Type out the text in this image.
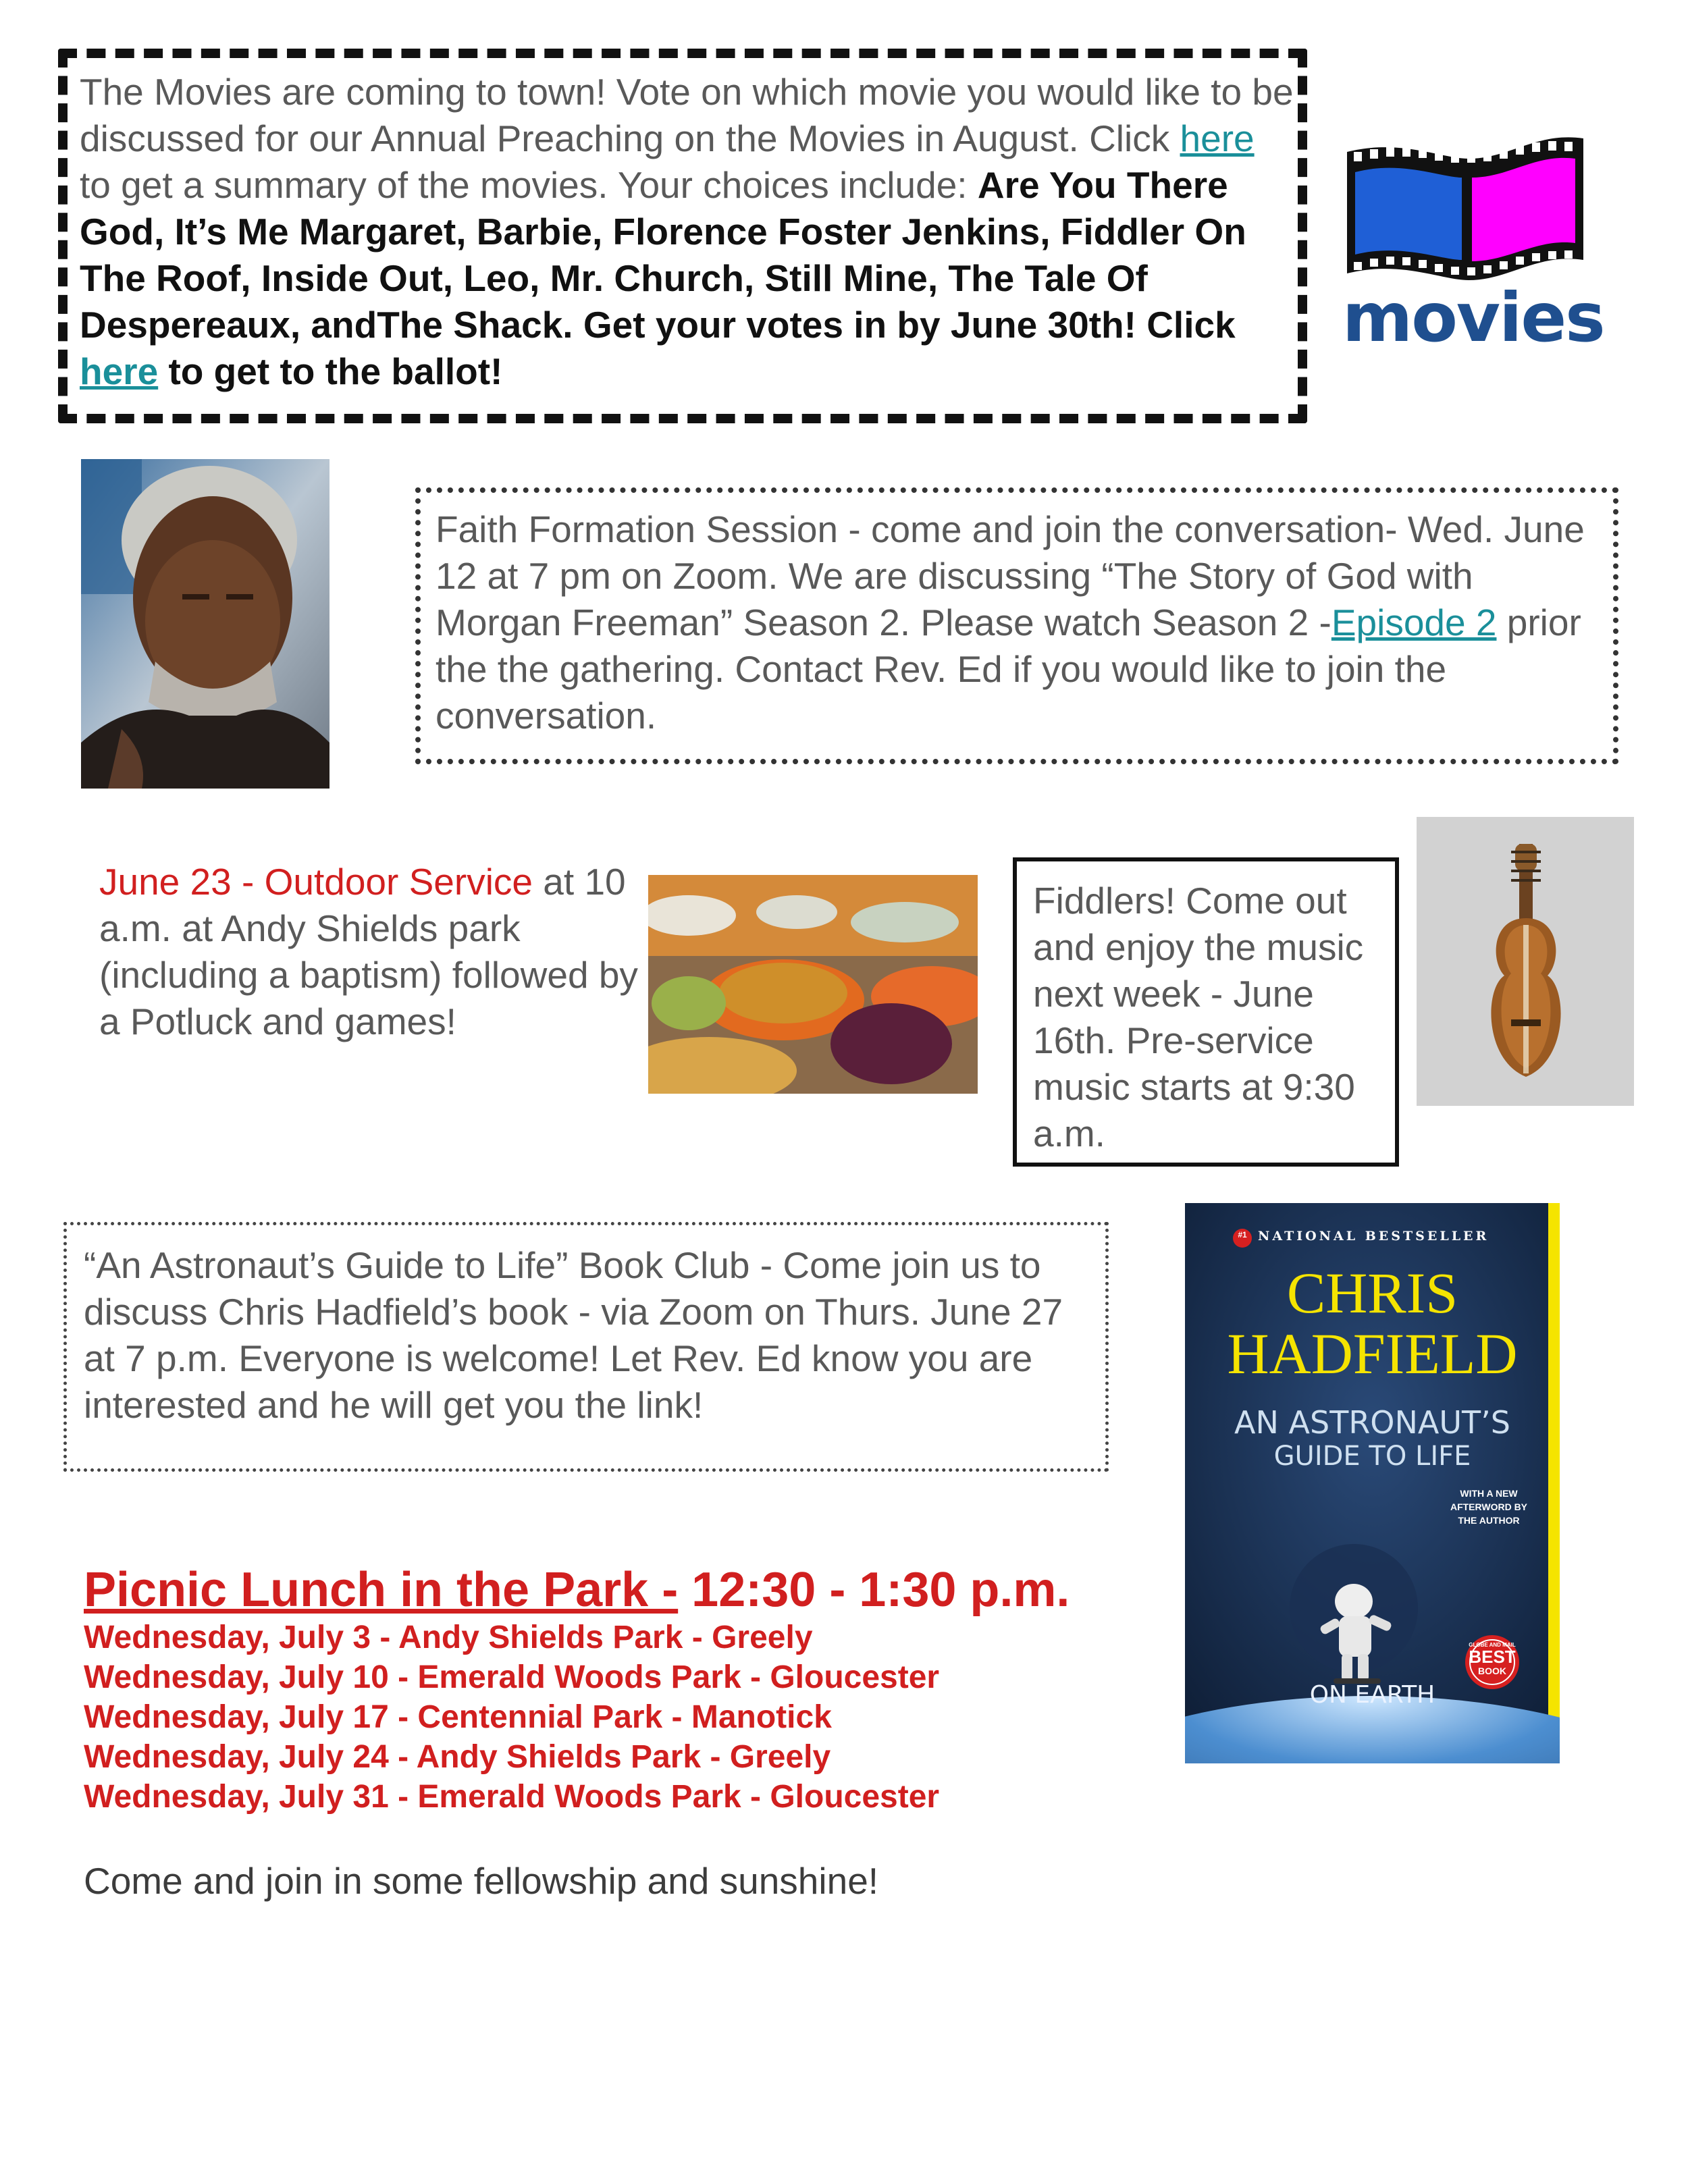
The Movies are coming to town! Vote on which movie you would like to be discussed for our Annual Preaching on the Movies in August. Click here to get a summary of the movies. Your choices include: Are You There God, It’s Me Margaret, Barbie, Florence Foster Jenkins, Fiddler On The Roof, Inside Out, Leo, Mr. Church, Still Mine, The Tale Of Despereaux, andThe Shack. Get your votes in by June 30th! Click here to get to the ballot!
movies
Faith Formation Session - come and join the conversation- Wed. June 12 at 7 pm on Zoom. We are discussing “The Story of God with Morgan Freeman” Season 2. Please watch Season 2 -Episode 2 prior the the gathering. Contact Rev. Ed if you would like to join the conversation.
June 23 - Outdoor Service at 10 a.m. at Andy Shields park (including a baptism) followed by a Potluck and games!
Fiddlers! Come out and enjoy the music next week - June 16th. Pre-service music starts at 9:30 a.m.
“An Astronaut’s Guide to Life” Book Club - Come join us to discuss Chris Hadfield’s book - via Zoom on Thurs. June 27 at 7 p.m. Everyone is welcome! Let Rev. Ed know you are interested and he will get you the link!
#1 NATIONAL BESTSELLER
CHRIS
HADFIELD
AN ASTRONAUT’S
GUIDE TO LIFE
WITH A NEW
AFTERWORD BY
THE AUTHOR
GLOBE AND MAIL
BEST
BOOK
ON EARTH
Picnic Lunch in the Park - 12:30 - 1:30 p.m.
Wednesday, July 3 - Andy Shields Park - Greely
Wednesday, July 10 - Emerald Woods Park - Gloucester
Wednesday, July 17 - Centennial Park - Manotick
Wednesday, July 24 - Andy Shields Park - Greely
Wednesday, July 31 - Emerald Woods Park - Gloucester
Come and join in some fellowship and sunshine!
